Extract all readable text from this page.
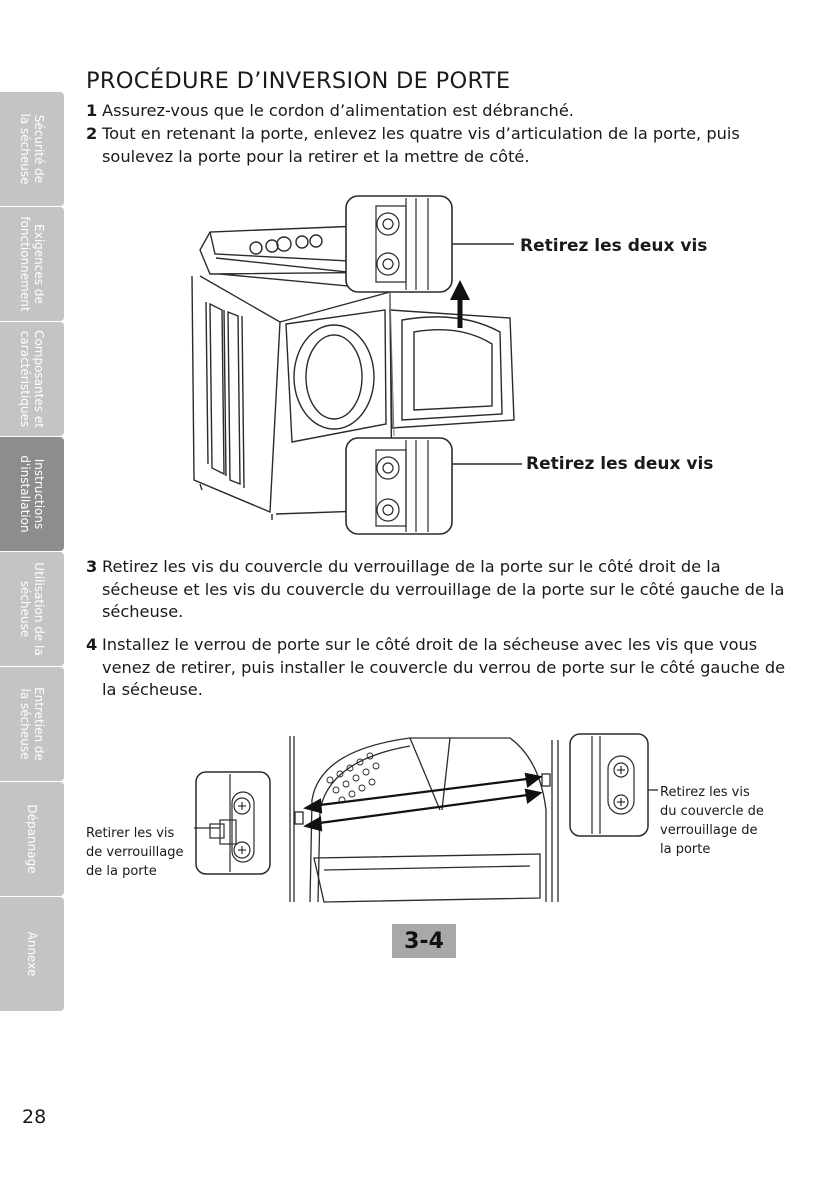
Sécurité de
la sécheuse
Exigences de
fonctionnement
Composantes et
caractéristiques
Instructions
d'installation
Utilisation de la
sécheuse
Entretien de
la sécheuse
Dépannage
Annexe
PROCÉDURE D’INVERSION DE PORTE
1 Assurez-vous que le cordon d’alimentation est débranché.
2 Tout en retenant la porte, enlevez les quatre vis d’articulation de la porte, puis soulevez la porte pour la retirer et la mettre de côté.
Retirez les deux vis
Retirez les deux vis
3 Retirez les vis du couvercle du verrouillage de la porte sur le côté droit de la sécheuse et les vis du couvercle du verrouillage de la porte sur le côté gauche de la sécheuse.
4 Installez le verrou de porte sur le côté droit de la sécheuse avec les vis que vous venez de retirer, puis installer le couvercle du verrou de porte sur le côté gauche de la sécheuse.
Retirer les vis
de verrouillage
de la porte
Retirez les vis
du couvercle de
verrouillage de
la porte
3-4
28
